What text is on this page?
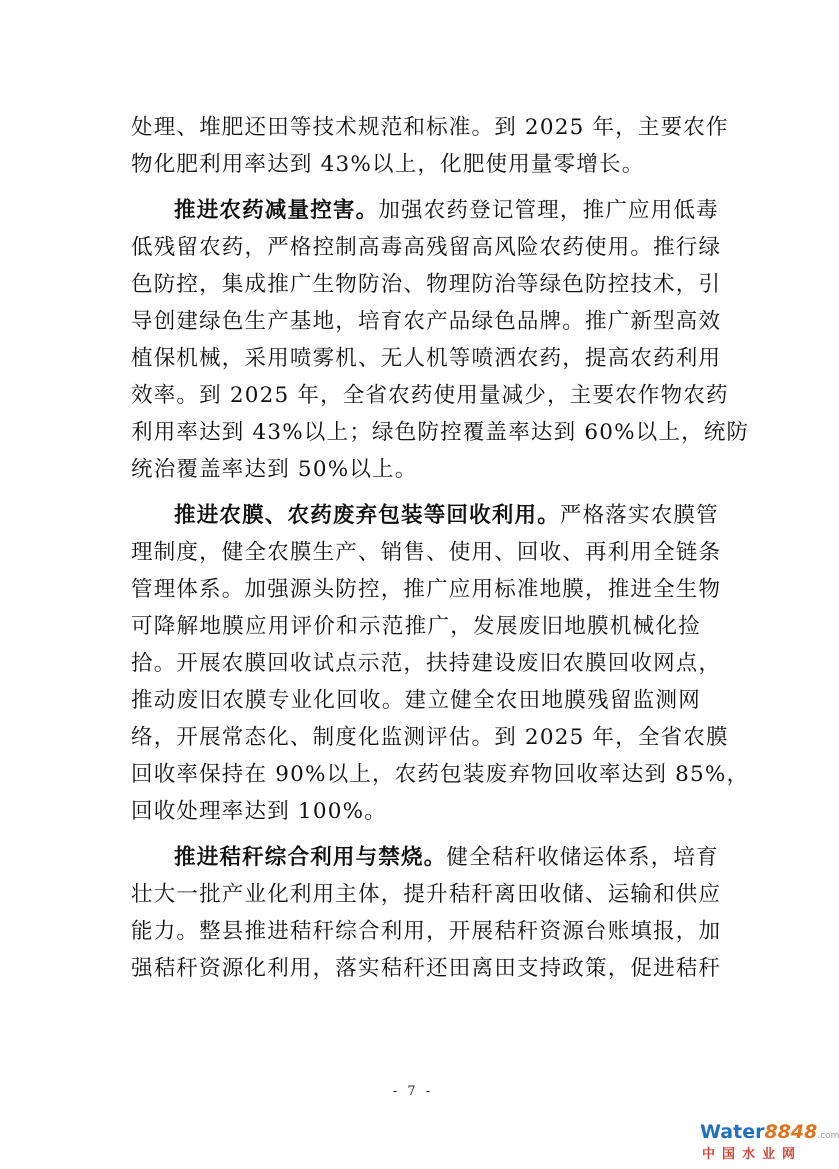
处理、堆肥还田等技术规范和标准。到 2025 年，主要农作
物化肥利用率达到 43%以上，化肥使用量零增长。
推进农药减量控害。加强农药登记管理，推广应用低毒
低残留农药，严格控制高毒高残留高风险农药使用。推行绿
色防控，集成推广生物防治、物理防治等绿色防控技术，引
导创建绿色生产基地，培育农产品绿色品牌。推广新型高效
植保机械，采用喷雾机、无人机等喷洒农药，提高农药利用
效率。到 2025 年，全省农药使用量减少，主要农作物农药
利用率达到 43%以上；绿色防控覆盖率达到 60%以上，统防
统治覆盖率达到 50%以上。
推进农膜、农药废弃包装等回收利用。严格落实农膜管
理制度，健全农膜生产、销售、使用、回收、再利用全链条
管理体系。加强源头防控，推广应用标准地膜，推进全生物
可降解地膜应用评价和示范推广，发展废旧地膜机械化捡
拾。开展农膜回收试点示范，扶持建设废旧农膜回收网点，
推动废旧农膜专业化回收。建立健全农田地膜残留监测网
络，开展常态化、制度化监测评估。到 2025 年，全省农膜
回收率保持在 90%以上，农药包装废弃物回收率达到 85%，
回收处理率达到 100%。
推进秸秆综合利用与禁烧。健全秸秆收储运体系，培育
壮大一批产业化利用主体，提升秸秆离田收储、运输和供应
能力。整县推进秸秆综合利用，开展秸秆资源台账填报，加
强秸秆资源化利用，落实秸秆还田离田支持政策，促进秸秆
- 7 -
Water8848.com
中国水业网
